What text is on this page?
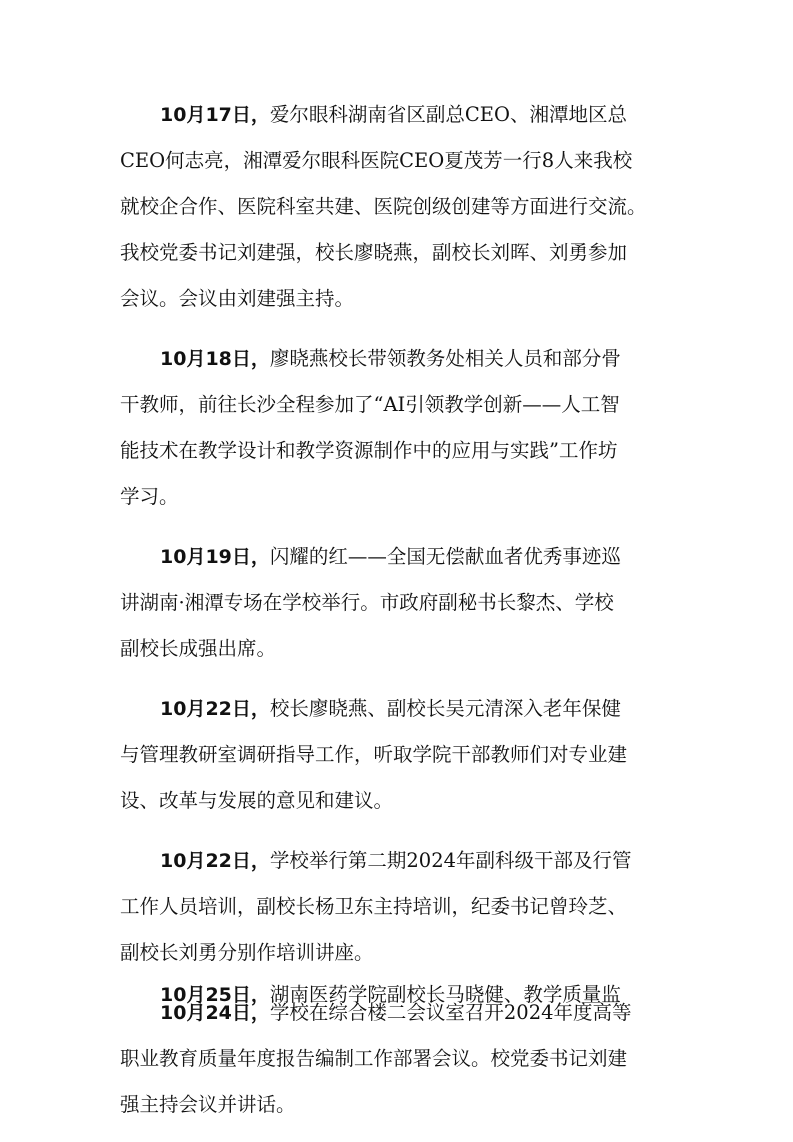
10月17日，爱尔眼科湖南省区副总CEO、湘潭地区总
CEO何志亮，湘潭爱尔眼科医院CEO夏茂芳一行8人来我校
就校企合作、医院科室共建、医院创级创建等方面进行交流。
我校党委书记刘建强，校长廖晓燕，副校长刘晖、刘勇参加
会议。会议由刘建强主持。
10月18日，廖晓燕校长带领教务处相关人员和部分骨
干教师，前往长沙全程参加了“AI引领教学创新——人工智
能技术在教学设计和教学资源制作中的应用与实践”工作坊
学习。
10月19日，闪耀的红——全国无偿献血者优秀事迹巡
讲湖南·湘潭专场在学校举行。市政府副秘书长黎杰、学校
副校长成强出席。
10月22日，校长廖晓燕、副校长吴元清深入老年保健
与管理教研室调研指导工作，听取学院干部教师们对专业建
设、改革与发展的意见和建议。
10月22日，学校举行第二期2024年副科级干部及行管
工作人员培训，副校长杨卫东主持培训，纪委书记曾玲芝、
副校长刘勇分别作培训讲座。
10月24日，学校在综合楼二会议室召开2024年度高等
职业教育质量年度报告编制工作部署会议。校党委书记刘建
强主持会议并讲话。
10月25日，湖南医药学院副校长马晓健、教学质量监
